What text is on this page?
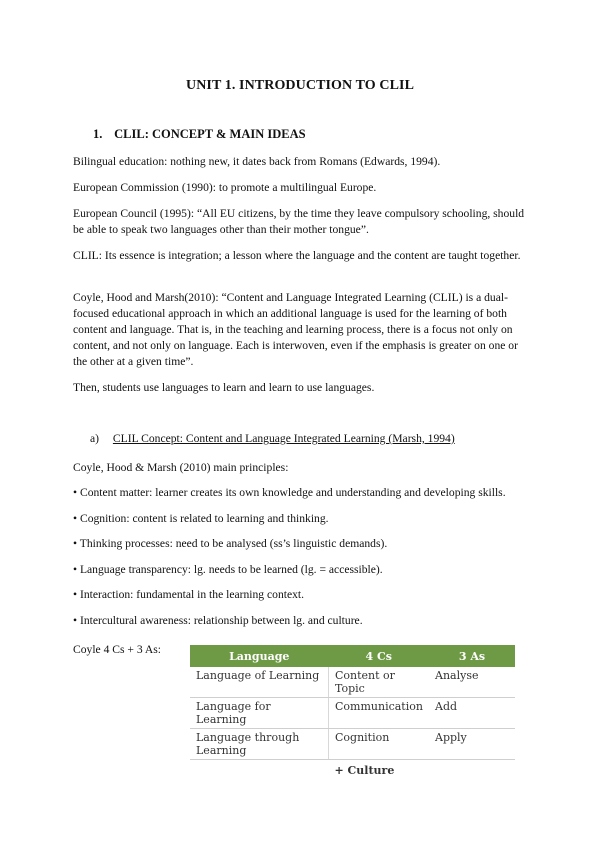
UNIT 1. INTRODUCTION TO CLIL
1. CLIL: CONCEPT & MAIN IDEAS
Bilingual education: nothing new, it dates back from Romans (Edwards, 1994).
European Commission (1990): to promote a multilingual Europe.
European Council (1995): “All EU citizens, by the time they leave compulsory schooling, should be able to speak two languages other than their mother tongue”.
CLIL: Its essence is integration; a lesson where the language and the content are taught together.
Coyle, Hood and Marsh(2010): “Content and Language Integrated Learning (CLIL) is a dual-focused educational approach in which an additional language is used for the learning of both content and language. That is, in the teaching and learning process, there is a focus not only on content, and not only on language. Each is interwoven, even if the emphasis is greater on one or the other at a given time”.
Then, students use languages to learn and learn to use languages.
a) CLIL Concept: Content and Language Integrated Learning (Marsh, 1994)
Coyle, Hood & Marsh (2010) main principles:
• Content matter: learner creates its own knowledge and understanding and developing skills.
• Cognition: content is related to learning and thinking.
• Thinking processes: need to be analysed (ss’s linguistic demands).
• Language transparency: lg. needs to be learned (lg. = accessible).
• Interaction: fundamental in the learning context.
• Intercultural awareness: relationship between lg. and culture.
Coyle 4 Cs + 3 As:	Language	4 Cs	3 As
Language of Learning	Content or Topic	Analyse
Language for Learning	Communication	Add
Language through Learning	Cognition	Apply
	+ Culture	
